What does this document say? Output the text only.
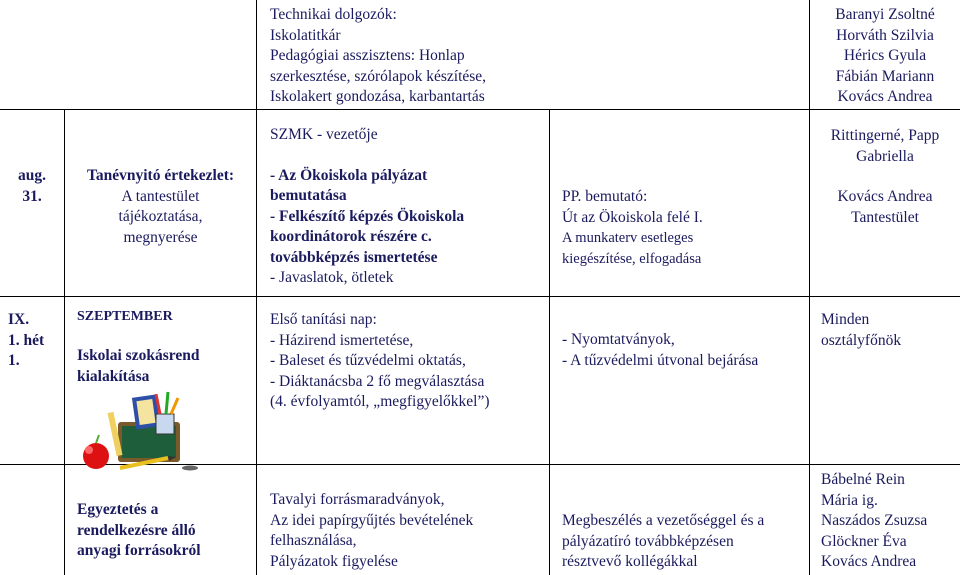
Technikai dolgozók:
Iskolatitkár
Pedagógiai asszisztens: Honlap
szerkesztése, szórólapok készítése,
Iskolakert gondozása, karbantartás
Baranyi Zsoltné
Horváth Szilvia
Hérics Gyula
Fábián Mariann
Kovács Andrea
aug.
31.
Tanévnyitó értekezlet:
A tantestület
tájékoztatása,
megnyerése
SZMK - vezetője
- Az Ökoiskola pályázat
bemutatása
- Felkészítő képzés Ökoiskola
koordinátorok részére c.
továbbképzés ismertetése
- Javaslatok, ötletek
PP. bemutató:
Út az Ökoiskola felé I.
A munkaterv esetleges
kiegészítése, elfogadása
Rittingerné, Papp
Gabriella
Kovács Andrea
Tantestület
IX.
1. hét
1.
SZEPTEMBER
Iskolai szokásrend
kialakítása
Első tanítási nap:
- Házirend ismertetése,
- Baleset és tűzvédelmi oktatás,
- Diáktanácsba 2 fő megválasztása
(4. évfolyamtól, „megfigyelőkkel”)
- Nyomtatványok,
- A tűzvédelmi útvonal bejárása
Minden
osztályfőnök
Egyeztetés a
rendelkezésre álló
anyagi forrásokról
Tavalyi forrásmaradványok,
Az idei papírgyűjtés bevételének
felhasználása,
Pályázatok figyelése
Megbeszélés a vezetőséggel és a
pályázatíró továbbképzésen
résztvevő kollégákkal
Bábelné Rein
Mária ig.
Naszádos Zsuzsa
Glöckner Éva
Kovács Andrea
